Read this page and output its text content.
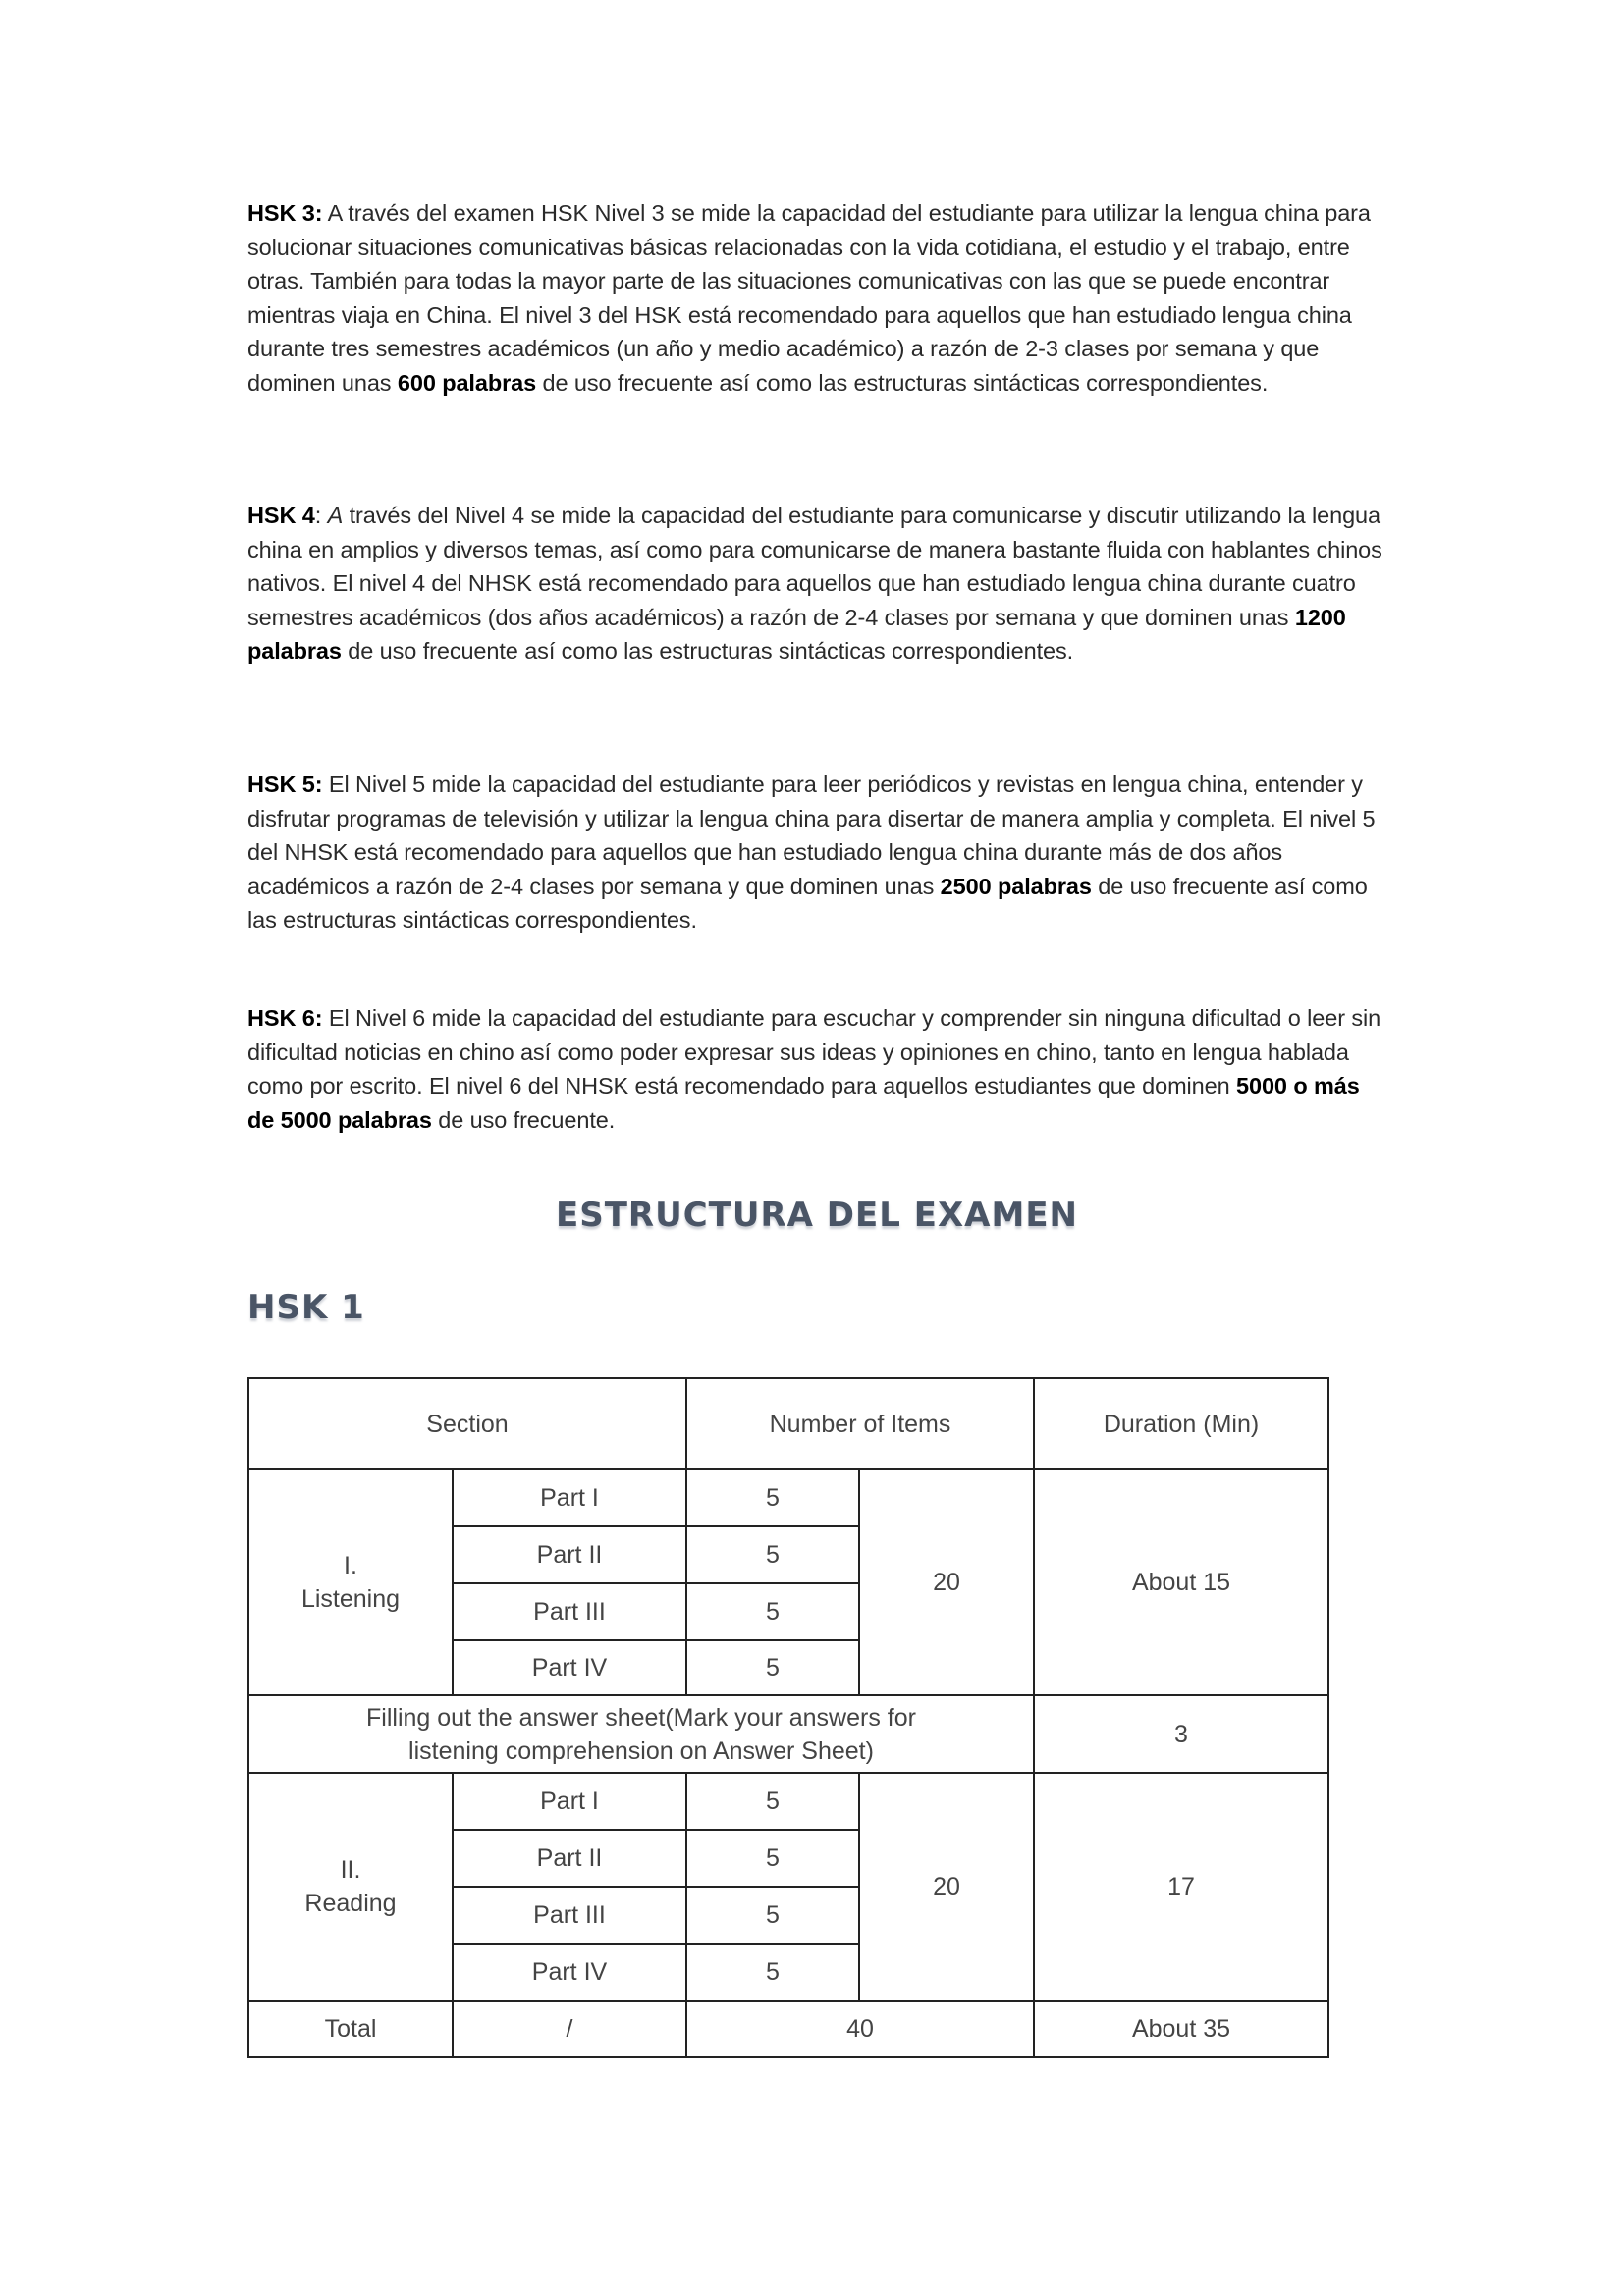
HSK 3: A través del examen HSK Nivel 3 se mide la capacidad del estudiante para utilizar la lengua china para solucionar situaciones comunicativas básicas relacionadas con la vida cotidiana, el estudio y el trabajo, entre otras. También para todas la mayor parte de las situaciones comunicativas con las que se puede encontrar mientras viaja en China. El nivel 3 del HSK está recomendado para aquellos que han estudiado lengua china durante tres semestres académicos (un año y medio académico) a razón de 2-3 clases por semana y que dominen unas 600 palabras de uso frecuente así como las estructuras sintácticas correspondientes.

HSK 4: A través del Nivel 4 se mide la capacidad del estudiante para comunicarse y discutir utilizando la lengua china en amplios y diversos temas, así como para comunicarse de manera bastante fluida con hablantes chinos nativos. El nivel 4 del NHSK está recomendado para aquellos que han estudiado lengua china durante cuatro semestres académicos (dos años académicos) a razón de 2-4 clases por semana y que dominen unas 1200 palabras de uso frecuente así como las estructuras sintácticas correspondientes.

HSK 5: El Nivel 5 mide la capacidad del estudiante para leer periódicos y revistas en lengua china, entender y disfrutar programas de televisión y utilizar la lengua china para disertar de manera amplia y completa. El nivel 5 del NHSK está recomendado para aquellos que han estudiado lengua china durante más de dos años académicos a razón de 2-4 clases por semana y que dominen unas 2500 palabras de uso frecuente así como las estructuras sintácticas correspondientes.

HSK 6: El Nivel 6 mide la capacidad del estudiante para escuchar y comprender sin ninguna dificultad o leer sin dificultad noticias en chino así como poder expresar sus ideas y opiniones en chino, tanto en lengua hablada como por escrito. El nivel 6 del NHSK está recomendado para aquellos estudiantes que dominen 5000 o más de 5000 palabras de uso frecuente.

ESTRUCTURA DEL EXAMEN
HSK 1
Section		Number of Items		Duration (Min)

I.
Listening	Part I	5	20	About 15
	Part II	5		
	Part III	5		
	Part IV	5		

Filling out the answer sheet(Mark your answers for
listening comprehension on Answer Sheet)				3

II.
Reading	Part I	5	20	17
	Part II	5		
	Part III	5		
	Part IV	5		
Total	/	40		About 35
